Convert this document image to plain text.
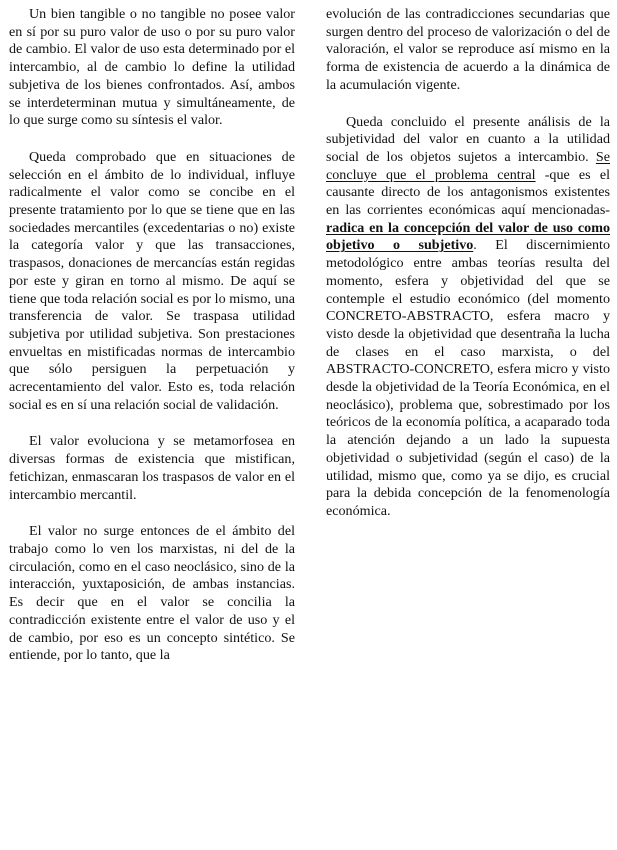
Un bien tangible o no tangible no posee valor en sí por su puro valor de uso o por su puro valor de cambio. El valor de uso esta determinado por el intercambio, al de cambio lo define la utilidad subjetiva de los bienes confrontados. Así, ambos se interdeterminan mutua y simultáneamente, de lo que surge como su síntesis el valor.

Queda comprobado que en situaciones de selección en el ámbito de lo individual, influye radicalmente el valor como se concibe en el presente tratamiento por lo que se tiene que en las sociedades mercantiles (excedentarias o no) existe la categoría valor y que las transacciones, traspasos, donaciones de mercancías están regidas por este y giran en torno al mismo. De aquí se tiene que toda relación social es por lo mismo, una transferencia de valor. Se traspasa utilidad subjetiva por utilidad subjetiva. Son prestaciones envueltas en mistificadas normas de intercambio que sólo persiguen la perpetuación y acrecentamiento del valor. Esto es, toda relación social es en sí una relación social de validación.

El valor evoluciona y se metamorfosea en diversas formas de existencia que mistifican, fetichizan, enmascaran los traspasos de valor en el intercambio mercantil.

El valor no surge entonces de el ámbito del trabajo como lo ven los marxistas, ni del de la circulación, como en el caso neoclásico, sino de la interacción, yuxtaposición, de ambas instancias. Es decir que en el valor se concilia la contradicción existente entre el valor de uso y el de cambio, por eso es un concepto sintético. Se entiende, por lo tanto, que la

evolución de las contradicciones secundarias que surgen dentro del proceso de valorización o del de valoración, el valor se reproduce así mismo en la forma de existencia de acuerdo a la dinámica de la acumulación vigente.

Queda concluido el presente análisis de la subjetividad del valor en cuanto a la utilidad social de los objetos sujetos a intercambio. Se concluye que el problema central -que es el causante directo de los antagonismos existentes en las corrientes económicas aquí mencionadas- radica en la concepción del valor de uso como objetivo o subjetivo. El discernimiento metodológico entre ambas teorías resulta del momento, esfera y objetividad del que se contemple el estudio económico (del momento CONCRETO-ABSTRACTO, esfera macro y visto desde la objetividad que desentraña la lucha de clases en el caso marxista, o del ABSTRACTO-CONCRETO, esfera micro y visto desde la objetividad de la Teoría Económica, en el neoclásico), problema que, sobrestimado por los teóricos de la economía política, a acaparado toda la atención dejando a un lado la supuesta objetividad o subjetividad (según el caso) de la utilidad, mismo que, como ya se dijo, es crucial para la debida concepción de la fenomenología económica.
